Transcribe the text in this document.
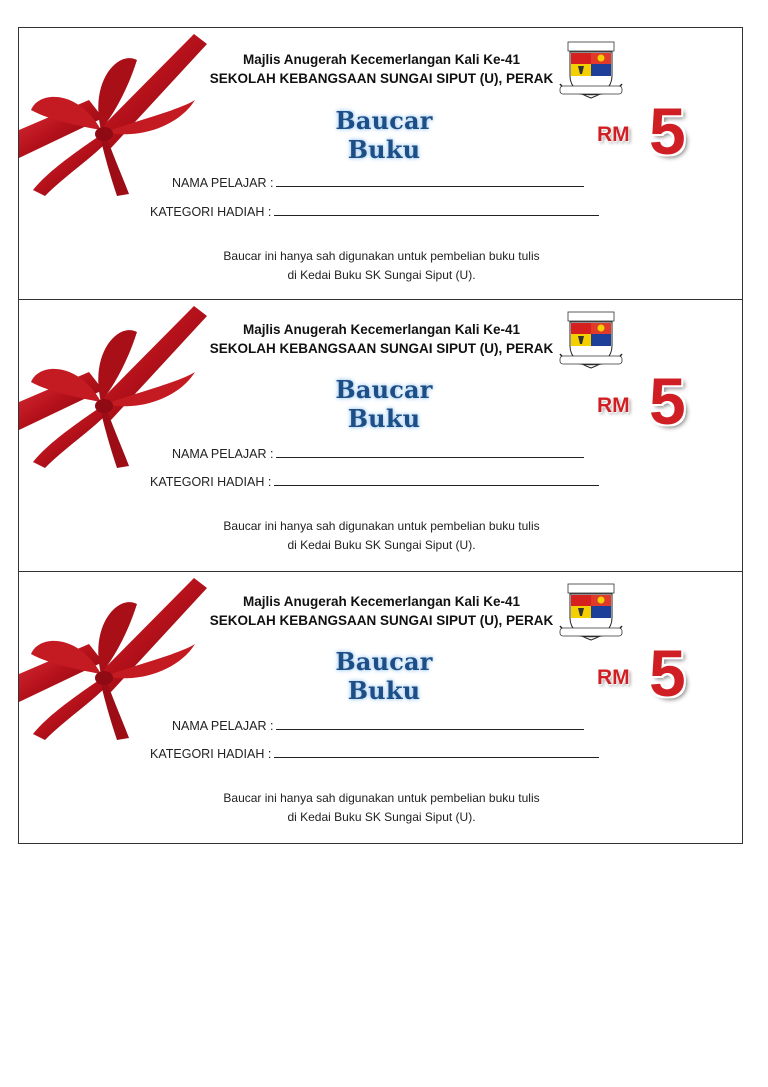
Majlis Anugerah Kecemerlangan Kali Ke-41
SEKOLAH KEBANGSAAN SUNGAI SIPUT (U), PERAK
Baucar Buku
RM 5
NAMA PELAJAR :
KATEGORI HADIAH :
Baucar ini hanya sah digunakan untuk pembelian buku tulis
di Kedai Buku SK Sungai Siput (U).
Majlis Anugerah Kecemerlangan Kali Ke-41
SEKOLAH KEBANGSAAN SUNGAI SIPUT (U), PERAK
Baucar Buku	RM 5
NAMA PELAJAR :
KATEGORI HADIAH :
Baucar ini hanya sah digunakan untuk pembelian buku tulis
di Kedai Buku SK Sungai Siput (U).
Majlis Anugerah Kecemerlangan Kali Ke-41
SEKOLAH KEBANGSAAN SUNGAI SIPUT (U), PERAK
Baucar Buku	RM 5
NAMA PELAJAR :
KATEGORI HADIAH :
Baucar ini hanya sah digunakan untuk pembelian buku tulis
di Kedai Buku SK Sungai Siput (U).
